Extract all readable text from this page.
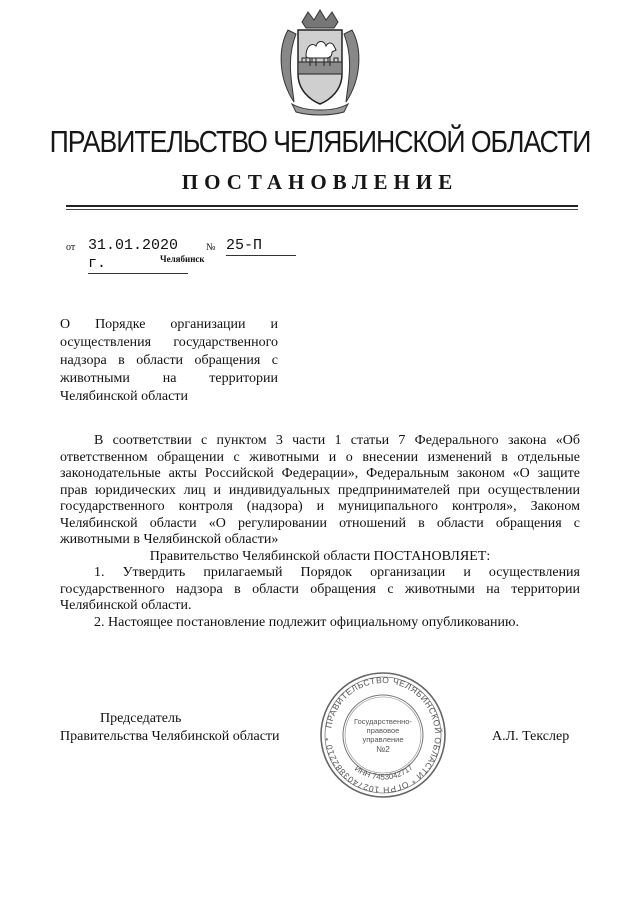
ПРАВИТЕЛЬСТВО ЧЕЛЯБИНСКОЙ ОБЛАСТИ
ПОСТАНОВЛЕНИЕ
от 31.01.2020 г.
№ 25-П
Челябинск
О Порядке организации и осуществления государственного надзора в области обращения с животными на территории Челябинской области

В соответствии с пунктом 3 части 1 статьи 7 Федерального закона «Об ответственном обращении с животными и о внесении изменений в отдельные законодательные акты Российской Федерации», Федеральным законом «О защите прав юридических лиц и индивидуальных предпринимателей при осуществлении государственного контроля (надзора) и муниципального контроля», Законом Челябинской области «О регулировании отношений в области обращения с животными в Челябинской области»

Правительство Челябинской области ПОСТАНОВЛЯЕТ:

1. Утвердить прилагаемый Порядок организации и осуществления государственного надзора в области обращения с животными на территории Челябинской области.

2. Настоящее постановление подлежит официальному опубликованию.

Председатель
Правительства Челябинской области	А.Л. Текслер
ПРАВИТЕЛЬСТВО ЧЕЛЯБИНСКОЙ ОБЛАСТИ * ОГРН 1027403882210 *
ИНН 7453042717
Государственно-
правовое
управление
№2
